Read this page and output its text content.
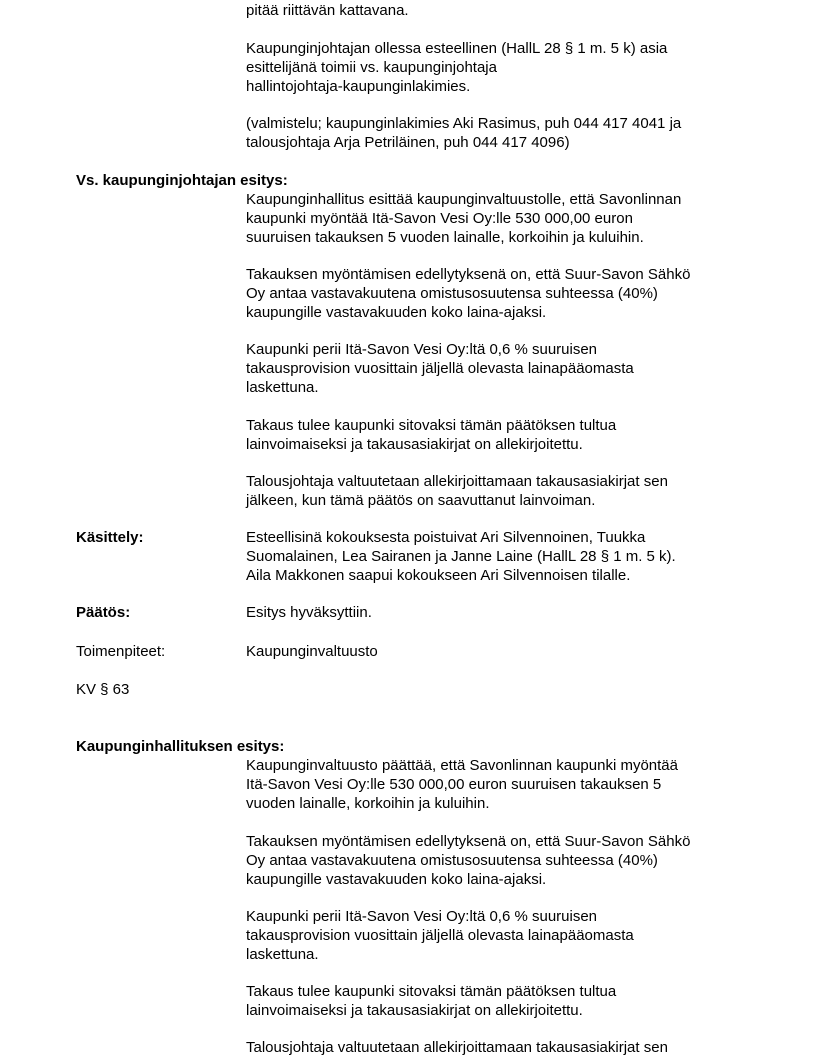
pitää riittävän kattavana.

Kaupunginjohtajan ollessa esteellinen (HallL 28 § 1 m. 5 k) asia
esittelijänä toimii vs. kaupunginjohtaja
hallintojohtaja-kaupunginlakimies.

(valmistelu; kaupunginlakimies Aki Rasimus, puh 044 417 4041 ja
talousjohtaja Arja Petriläinen, puh 044 417 4096)

Vs. kaupunginjohtajan esitys:

Kaupunginhallitus esittää kaupunginvaltuustolle, että Savonlinnan
kaupunki myöntää Itä-Savon Vesi Oy:lle 530 000,00 euron
suuruisen takauksen 5 vuoden lainalle, korkoihin ja kuluihin.

Takauksen myöntämisen edellytyksenä on, että Suur-Savon Sähkö
Oy antaa vastavakuutena omistusosuutensa suhteessa (40%)
kaupungille vastavakuuden koko laina-ajaksi.

Kaupunki perii Itä-Savon Vesi Oy:ltä 0,6 % suuruisen
takausprovision vuosittain jäljellä olevasta lainapääomasta
laskettuna.

Takaus tulee kaupunki sitovaksi tämän päätöksen tultua
lainvoimaiseksi ja takausasiakirjat on allekirjoitettu.

Talousjohtaja valtuutetaan allekirjoittamaan takausasiakirjat sen
jälkeen, kun tämä päätös on saavuttanut lainvoiman.

Käsittely:	Esteellisinä kokouksesta poistuivat Ari Silvennoinen, Tuukka
Suomalainen, Lea Sairanen ja Janne Laine (HallL 28 § 1 m. 5 k).
Aila Makkonen saapui kokoukseen Ari Silvennoisen tilalle.

Päätös:	Esitys hyväksyttiin.

Toimenpiteet:	Kaupunginvaltuusto

KV § 63

Kaupunginhallituksen esitys:

Kaupunginvaltuusto päättää, että Savonlinnan kaupunki myöntää
Itä-Savon Vesi Oy:lle 530 000,00 euron suuruisen takauksen 5
vuoden lainalle, korkoihin ja kuluihin.

Takauksen myöntämisen edellytyksenä on, että Suur-Savon Sähkö
Oy antaa vastavakuutena omistusosuutensa suhteessa (40%)
kaupungille vastavakuuden koko laina-ajaksi.

Kaupunki perii Itä-Savon Vesi Oy:ltä 0,6 % suuruisen
takausprovision vuosittain jäljellä olevasta lainapääomasta
laskettuna.

Takaus tulee kaupunki sitovaksi tämän päätöksen tultua
lainvoimaiseksi ja takausasiakirjat on allekirjoitettu.

Talousjohtaja valtuutetaan allekirjoittamaan takausasiakirjat sen
